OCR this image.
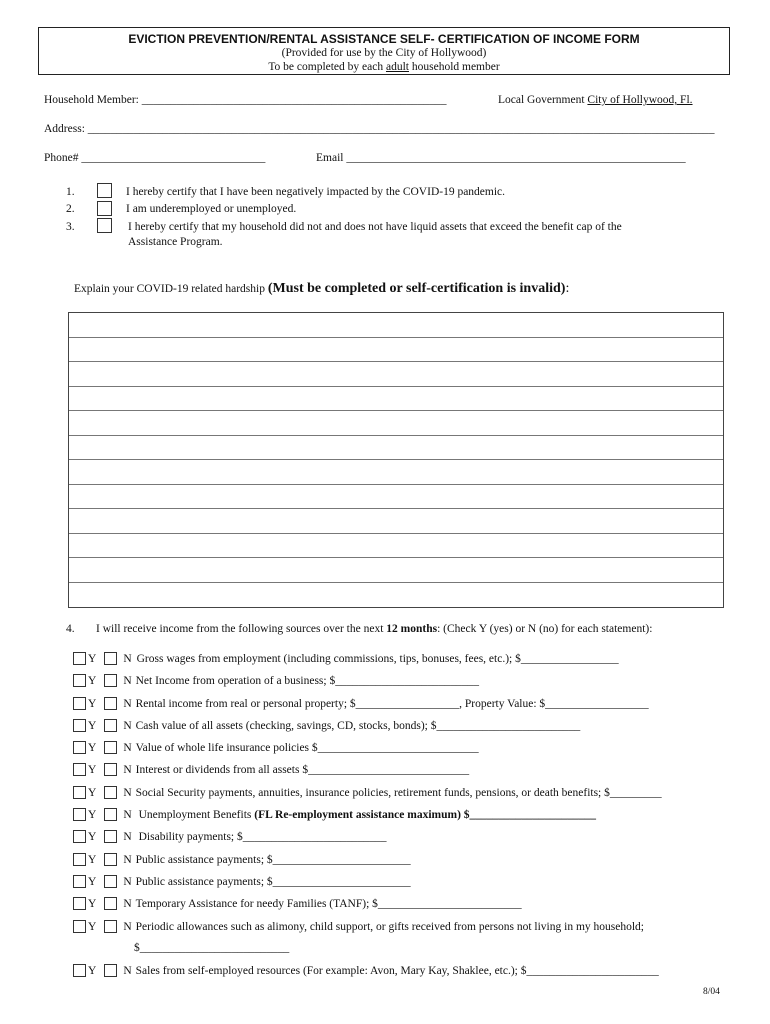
EVICTION PREVENTION/RENTAL ASSISTANCE SELF- CERTIFICATION OF INCOME FORM
(Provided for use by the City of Hollywood)
To be completed by each adult household member
Household Member: _____________________________________________________	Local Government City of Hollywood, Fl.
Address: _____________________________________________________________________________________________________________
Phone# ________________________________	Email ___________________________________________________________
1.	I hereby certify that I have been negatively impacted by the COVID-19 pandemic.
2.	I am underemployed or unemployed.
3.	I hereby certify that my household did not and does not have liquid assets that exceed the benefit cap of the
Assistance Program.
Explain your COVID-19 related hardship (Must be completed or self-certification is invalid):
4. I will receive income from the following sources over the next 12 months: (Check Y (yes) or N (no) for each statement):
Y N Gross wages from employment (including commissions, tips, bonuses, fees, etc.); $_________________
Y N Net Income from operation of a business; $_________________________
Y N Rental income from real or personal property; $__________________, Property Value: $__________________
Y N Cash value of all assets (checking, savings, CD, stocks, bonds); $_________________________
Y N Value of whole life insurance policies $____________________________
Y N Interest or dividends from all assets $____________________________
Y N Social Security payments, annuities, insurance policies, retirement funds, pensions, or death benefits; $_________
Y N Unemployment Benefits (FL Re-employment assistance maximum) $______________________
Y N Disability payments; $_________________________
Y N Public assistance payments; $________________________
Y N Public assistance payments; $________________________
Y N Temporary Assistance for needy Families (TANF); $_________________________
Y N Periodic allowances such as alimony, child support, or gifts received from persons not living in my household;
$__________________________
Y N Sales from self-employed resources (For example: Avon, Mary Kay, Shaklee, etc.); $_______________________
8/04
